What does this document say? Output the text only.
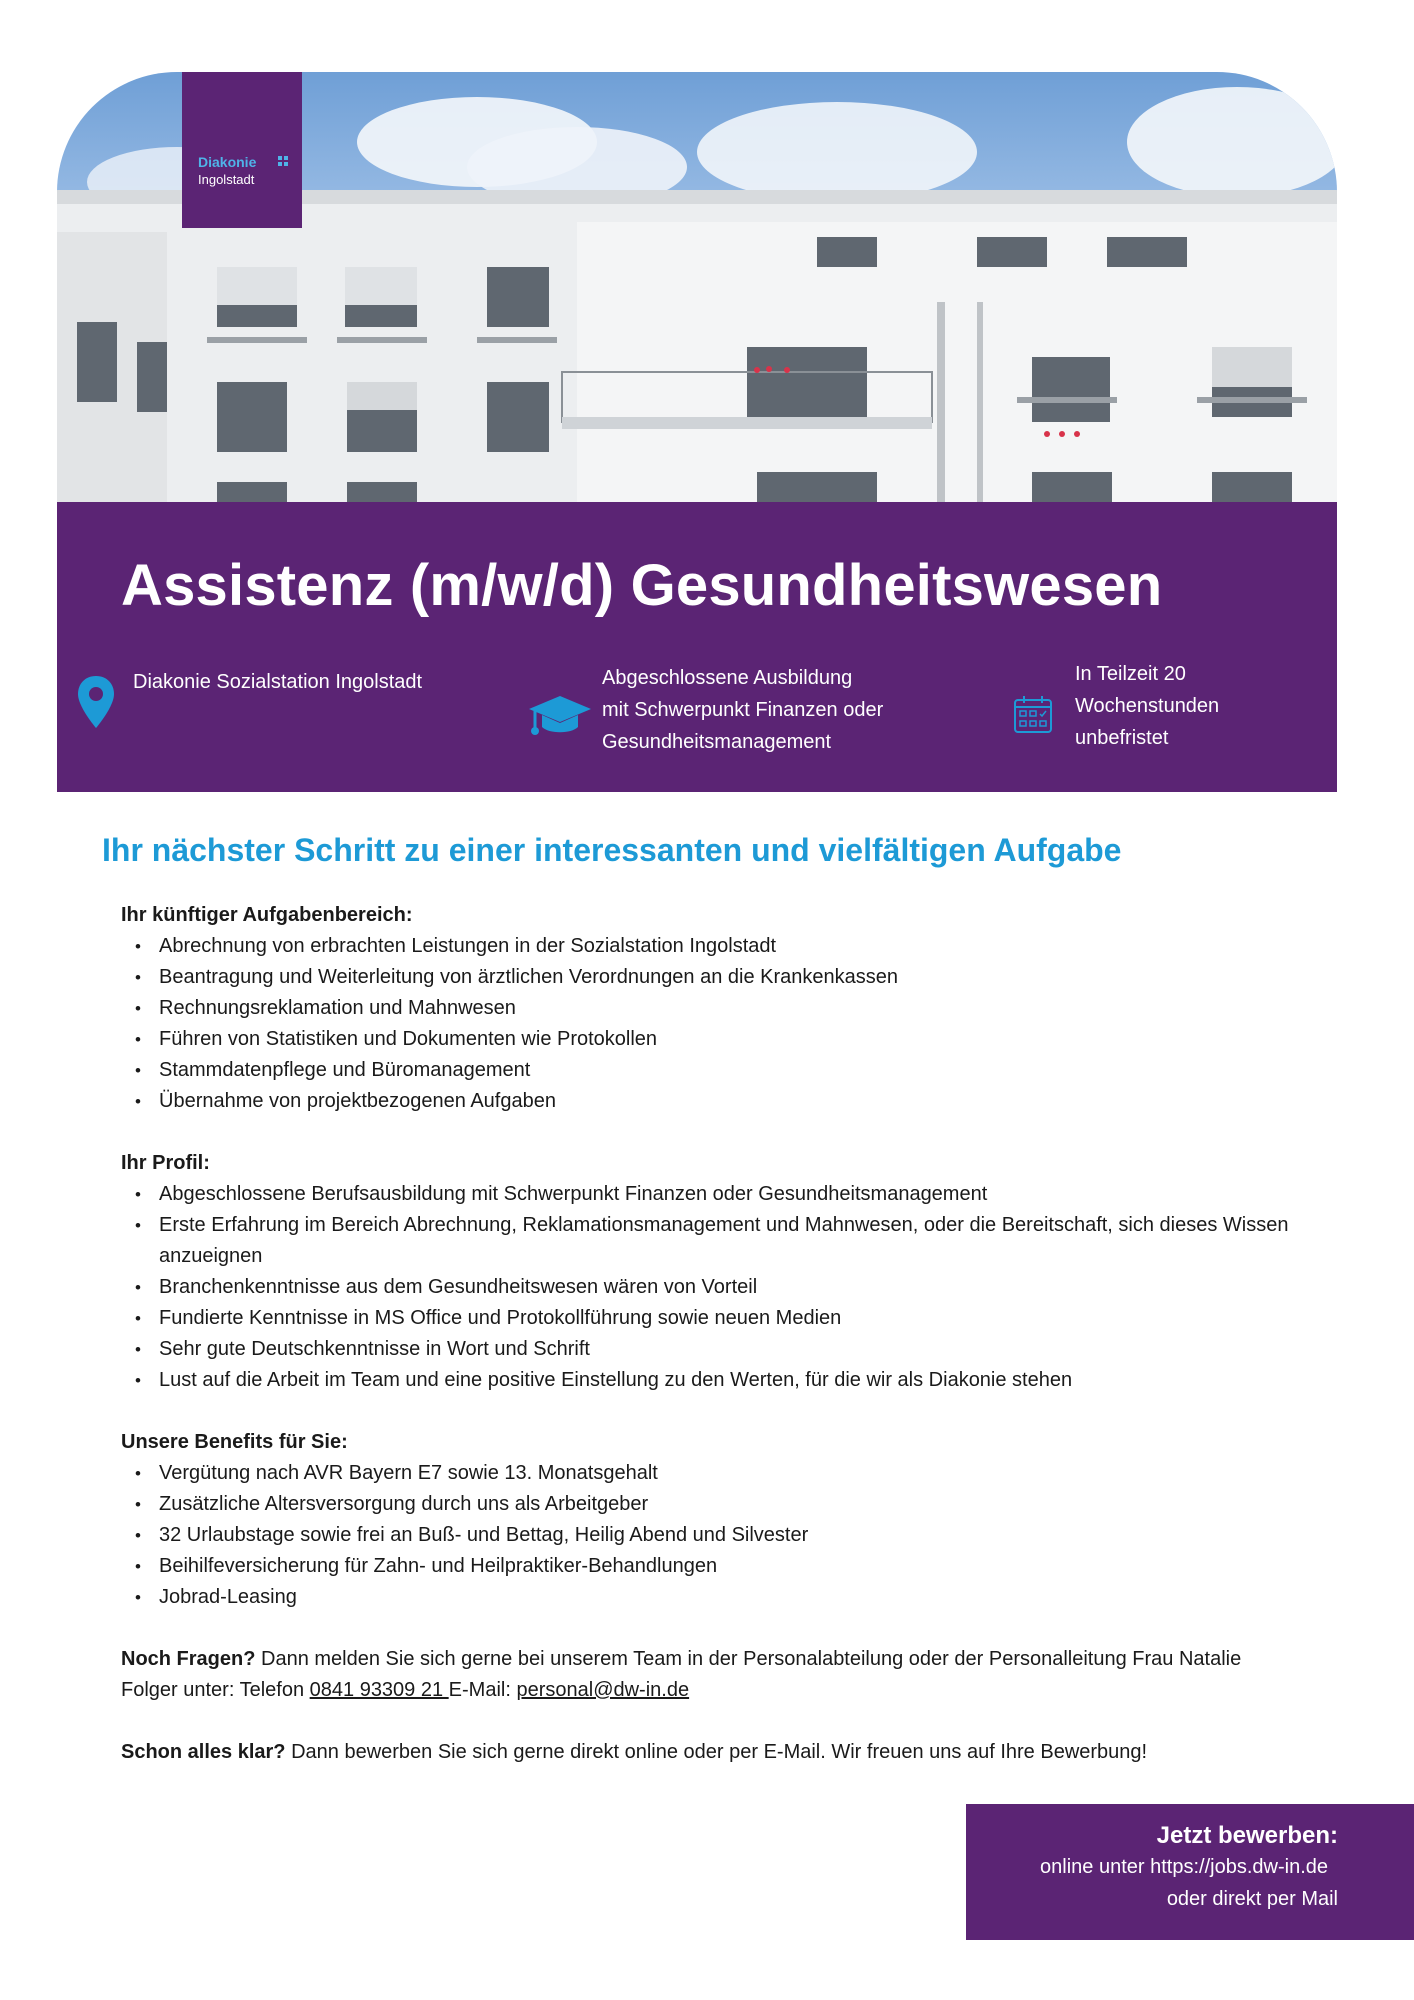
Diakonie
Ingolstadt
Assistenz (m/w/d) Gesundheitswesen
Diakonie Sozialstation Ingolstadt	Abgeschlossene Ausbildung
mit Schwerpunkt Finanzen oder
Gesundheitsmanagement
In Teilzeit 20
Wochenstunden
unbefristet
Ihr nächster Schritt zu einer interessanten und vielfältigen Aufgabe

Ihr künftiger Aufgabenbereich:

• Abrechnung von erbrachten Leistungen in der Sozialstation Ingolstadt
• Beantragung und Weiterleitung von ärztlichen Verordnungen an die Krankenkassen
• Rechnungsreklamation und Mahnwesen
• Führen von Statistiken und Dokumenten wie Protokollen
• Stammdatenpflege und Büromanagement
• Übernahme von projektbezogenen Aufgaben

Ihr Profil:

• Abgeschlossene Berufsausbildung mit Schwerpunkt Finanzen oder Gesundheitsmanagement
• Erste Erfahrung im Bereich Abrechnung, Reklamationsmanagement und Mahnwesen, oder die Bereitschaft, sich dieses Wissen anzueignen
• Branchenkenntnisse aus dem Gesundheitswesen wären von Vorteil
• Fundierte Kenntnisse in MS Office und Protokollführung sowie neuen Medien
• Sehr gute Deutschkenntnisse in Wort und Schrift
• Lust auf die Arbeit im Team und eine positive Einstellung zu den Werten, für die wir als Diakonie stehen

Unsere Benefits für Sie:

• Vergütung nach AVR Bayern E7 sowie 13. Monatsgehalt
• Zusätzliche Altersversorgung durch uns als Arbeitgeber
• 32 Urlaubstage sowie frei an Buß- und Bettag, Heilig Abend und Silvester
• Beihilfeversicherung für Zahn- und Heilpraktiker-Behandlungen
• Jobrad-Leasing

Noch Fragen? Dann melden Sie sich gerne bei unserem Team in der Personalabteilung oder der Personalleitung Frau Natalie Folger unter: Telefon 0841 93309 21 E-Mail: personal@dw-in.de

Schon alles klar? Dann bewerben Sie sich gerne direkt online oder per E-Mail. Wir freuen uns auf Ihre Bewerbung!

Jetzt bewerben:
online unter https://jobs.dw-in.de
oder direkt per Mail
